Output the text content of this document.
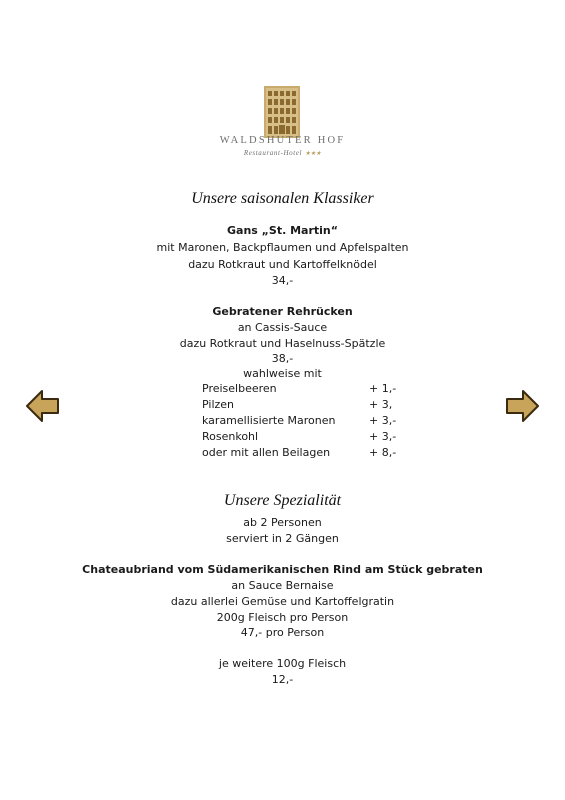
WALDSHUTER HOF
Restaurant-Hotel ★★★
Unsere saisonalen Klassiker
Gans „St. Martin“
mit Maronen, Backpflaumen und Apfelspalten
dazu Rotkraut und Kartoffelknödel
34,-
Gebratener Rehrücken
an Cassis-Sauce
dazu Rotkraut und Haselnuss-Spätzle
38,-
wahlweise mit
Preiselbeeren	+ 1,-
Pilzen	+ 3,
karamellisierte Maronen	+ 3,-
Rosenkohl	+ 3,-
oder mit allen Beilagen	+ 8,-
Unsere Spezialität
ab 2 Personen
serviert in 2 Gängen
Chateaubriand vom Südamerikanischen Rind am Stück gebraten
an Sauce Bernaise
dazu allerlei Gemüse und Kartoffelgratin
200g Fleisch pro Person
47,- pro Person
je weitere 100g Fleisch
12,-
